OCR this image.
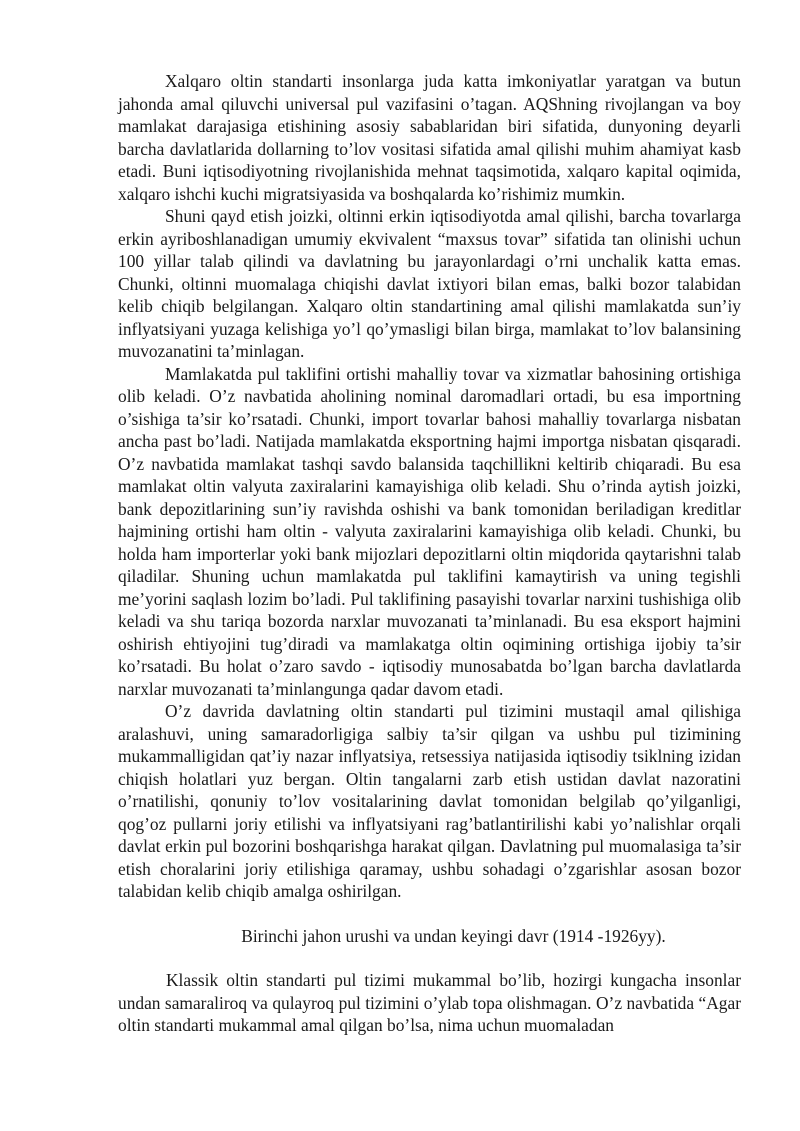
Xalqaro oltin standarti insonlarga juda katta imkoniyatlar yaratgan va butun jahonda amal qiluvchi universal pul vazifasini o’tagan. AQShning rivojlangan va boy mamlakat darajasiga etishining asosiy sabablaridan biri sifatida, dunyoning deyarli barcha davlatlarida dollarning to’lov vositasi sifatida amal qilishi muhim ahamiyat kasb etadi. Buni iqtisodiyotning rivojlanishida mehnat taqsimotida, xalqaro kapital oqimida, xalqaro ishchi kuchi migratsiyasida va boshqalarda ko’rishimiz mumkin.

Shuni qayd etish joizki, oltinni erkin iqtisodiyotda amal qilishi, barcha tovarlarga erkin ayriboshlanadigan umumiy ekvivalent “maxsus tovar” sifatida tan olinishi uchun 100 yillar talab qilindi va davlatning bu jarayonlardagi o’rni unchalik katta emas. Chunki, oltinni muomalaga chiqishi davlat ixtiyori bilan emas, balki bozor talabidan kelib chiqib belgilangan. Xalqaro oltin standartining amal qilishi mamlakatda sun’iy inflyatsiyani yuzaga kelishiga yo’l qo’ymasligi bilan birga, mamlakat to’lov balansining muvozanatini ta’minlagan.

Mamlakatda pul taklifini ortishi mahalliy tovar va xizmatlar bahosining ortishiga olib keladi. O’z navbatida aholining nominal daromadlari ortadi, bu esa importning o’sishiga ta’sir ko’rsatadi. Chunki, import tovarlar bahosi mahalliy tovarlarga nisbatan ancha past bo’ladi. Natijada mamlakatda eksportning hajmi importga nisbatan qisqaradi. O’z navbatida mamlakat tashqi savdo balansida taqchillikni keltirib chiqaradi. Bu esa mamlakat oltin valyuta zaxiralarini kamayishiga olib keladi. Shu o’rinda aytish joizki, bank depozitlarining sun’iy ravishda oshishi va bank tomonidan beriladigan kreditlar hajmining ortishi ham oltin - valyuta zaxiralarini kamayishiga olib keladi. Chunki, bu holda ham importerlar yoki bank mijozlari depozitlarni oltin miqdorida qaytarishni talab qiladilar. Shuning uchun mamlakatda pul taklifini kamaytirish va uning tegishli me’yorini saqlash lozim bo’ladi. Pul taklifining pasayishi tovarlar narxini tushishiga olib keladi va shu tariqa bozorda narxlar muvozanati ta’minlanadi. Bu esa eksport hajmini oshirish ehtiyojini tug’diradi va mamlakatga oltin oqimining ortishiga ijobiy ta’sir ko’rsatadi. Bu holat o’zaro savdo - iqtisodiy munosabatda bo’lgan barcha davlatlarda narxlar muvozanati ta’minlangunga qadar davom etadi.

O’z davrida davlatning oltin standarti pul tizimini mustaqil amal qilishiga aralashuvi, uning samaradorligiga salbiy ta’sir qilgan va ushbu pul tizimining mukammalligidan qat’iy nazar inflyatsiya, retsessiya natijasida iqtisodiy tsiklning izidan chiqish holatlari yuz bergan. Oltin tangalarni zarb etish ustidan davlat nazoratini o’rnatilishi, qonuniy to’lov vositalarining davlat tomonidan belgilab qo’yilganligi, qog’oz pullarni joriy etilishi va inflyatsiyani rag’batlantirilishi kabi yo’nalishlar orqali davlat erkin pul bozorini boshqarishga harakat qilgan. Davlatning pul muomalasiga ta’sir etish choralarini joriy etilishiga qaramay, ushbu sohadagi o’zgarishlar asosan bozor talabidan kelib chiqib amalga oshirilgan.

Birinchi jahon urushi va undan keyingi davr (1914 -1926yy).

Klassik oltin standarti pul tizimi mukammal bo’lib, hozirgi kungacha insonlar undan samaraliroq va qulayroq pul tizimini o’ylab topa olishmagan. O’z navbatida “Agar oltin standarti mukammal amal qilgan bo’lsa, nima uchun muomaladan
